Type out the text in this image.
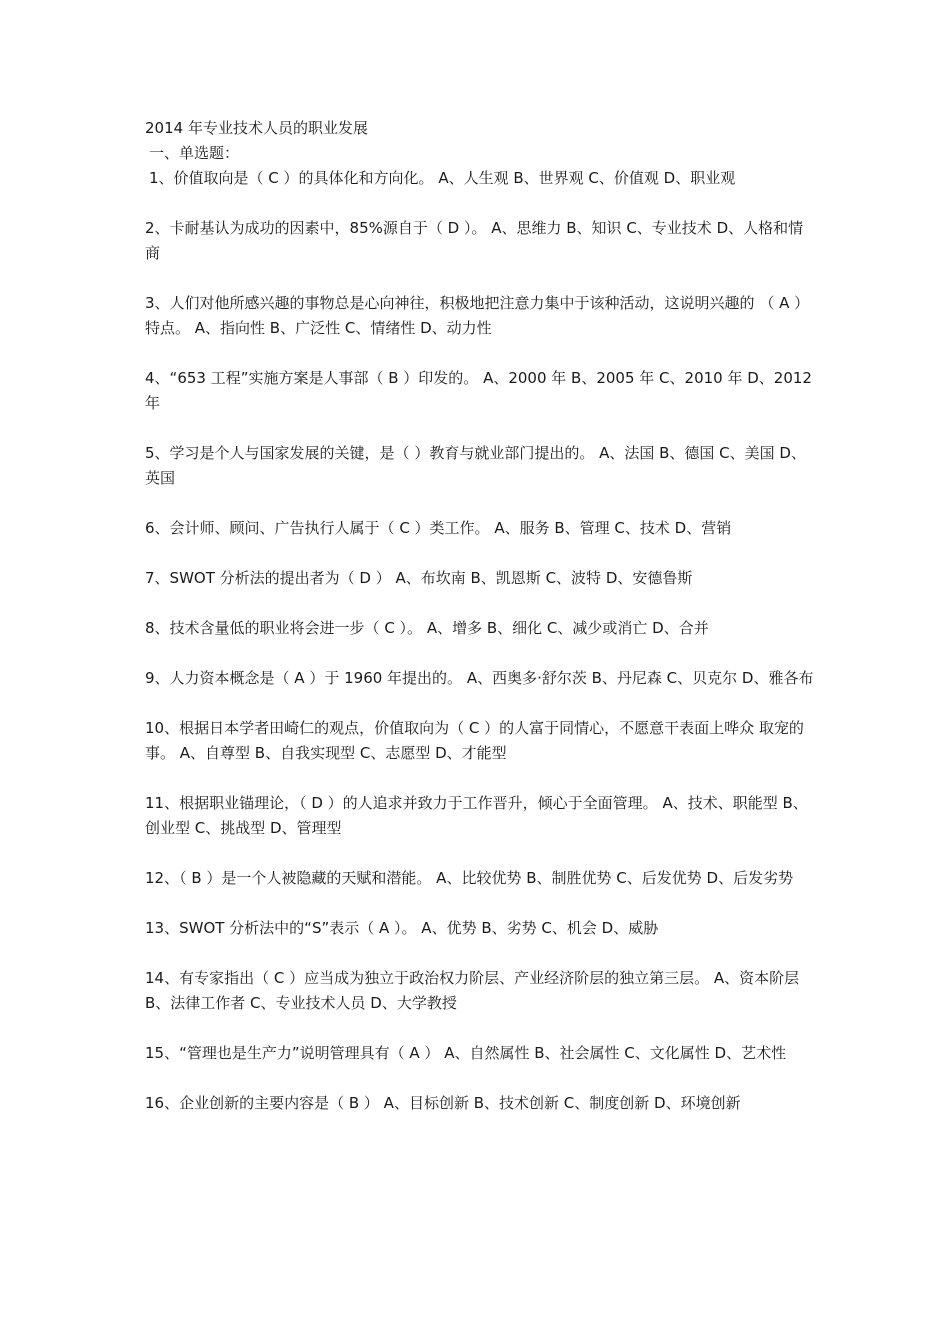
2014 年专业技术人员的职业发展
一、单选题：
1、价值取向是（ C ）的具体化和方向化。 A、人生观 B、世界观 C、价值观 D、职业观
2、卡耐基认为成功的因素中，85%源自于（ D ）。 A、思维力 B、知识 C、专业技术 D、人格和情商
3、人们对他所感兴趣的事物总是心向神往，积极地把注意力集中于该种活动，这说明兴趣的 （ A ）特点。 A、指向性 B、广泛性 C、情绪性 D、动力性
4、“653 工程”实施方案是人事部（ B ）印发的。 A、2000 年 B、2005 年 C、2010 年 D、2012 年
5、学习是个人与国家发展的关键，是（ ）教育与就业部门提出的。 A、法国 B、德国 C、美国 D、英国
6、会计师、顾问、广告执行人属于（ C ）类工作。 A、服务 B、管理 C、技术 D、营销
7、SWOT 分析法的提出者为（ D ） A、布坎南 B、凯恩斯 C、波特 D、安德鲁斯
8、技术含量低的职业将会进一步（ C ）。 A、增多 B、细化 C、减少或消亡 D、合并
9、人力资本概念是（ A ）于 1960 年提出的。 A、西奥多·舒尔茨 B、丹尼森 C、贝克尔 D、雅各布
10、根据日本学者田崎仁的观点，价值取向为（ C ）的人富于同情心，不愿意干表面上哗众 取宠的事。 A、自尊型 B、自我实现型 C、志愿型 D、才能型
11、根据职业锚理论，（ D ）的人追求并致力于工作晋升，倾心于全面管理。 A、技术、职能型 B、创业型 C、挑战型 D、管理型
12、（ B ）是一个人被隐藏的天赋和潜能。 A、比较优势 B、制胜优势 C、后发优势 D、后发劣势
13、SWOT 分析法中的“S”表示（ A ）。 A、优势 B、劣势 C、机会 D、威胁
14、有专家指出（ C ）应当成为独立于政治权力阶层、产业经济阶层的独立第三层。 A、资本阶层 B、法律工作者 C、专业技术人员 D、大学教授
15、“管理也是生产力”说明管理具有（ A ） A、自然属性 B、社会属性 C、文化属性 D、艺术性
16、企业创新的主要内容是（ B ） A、目标创新 B、技术创新 C、制度创新 D、环境创新
